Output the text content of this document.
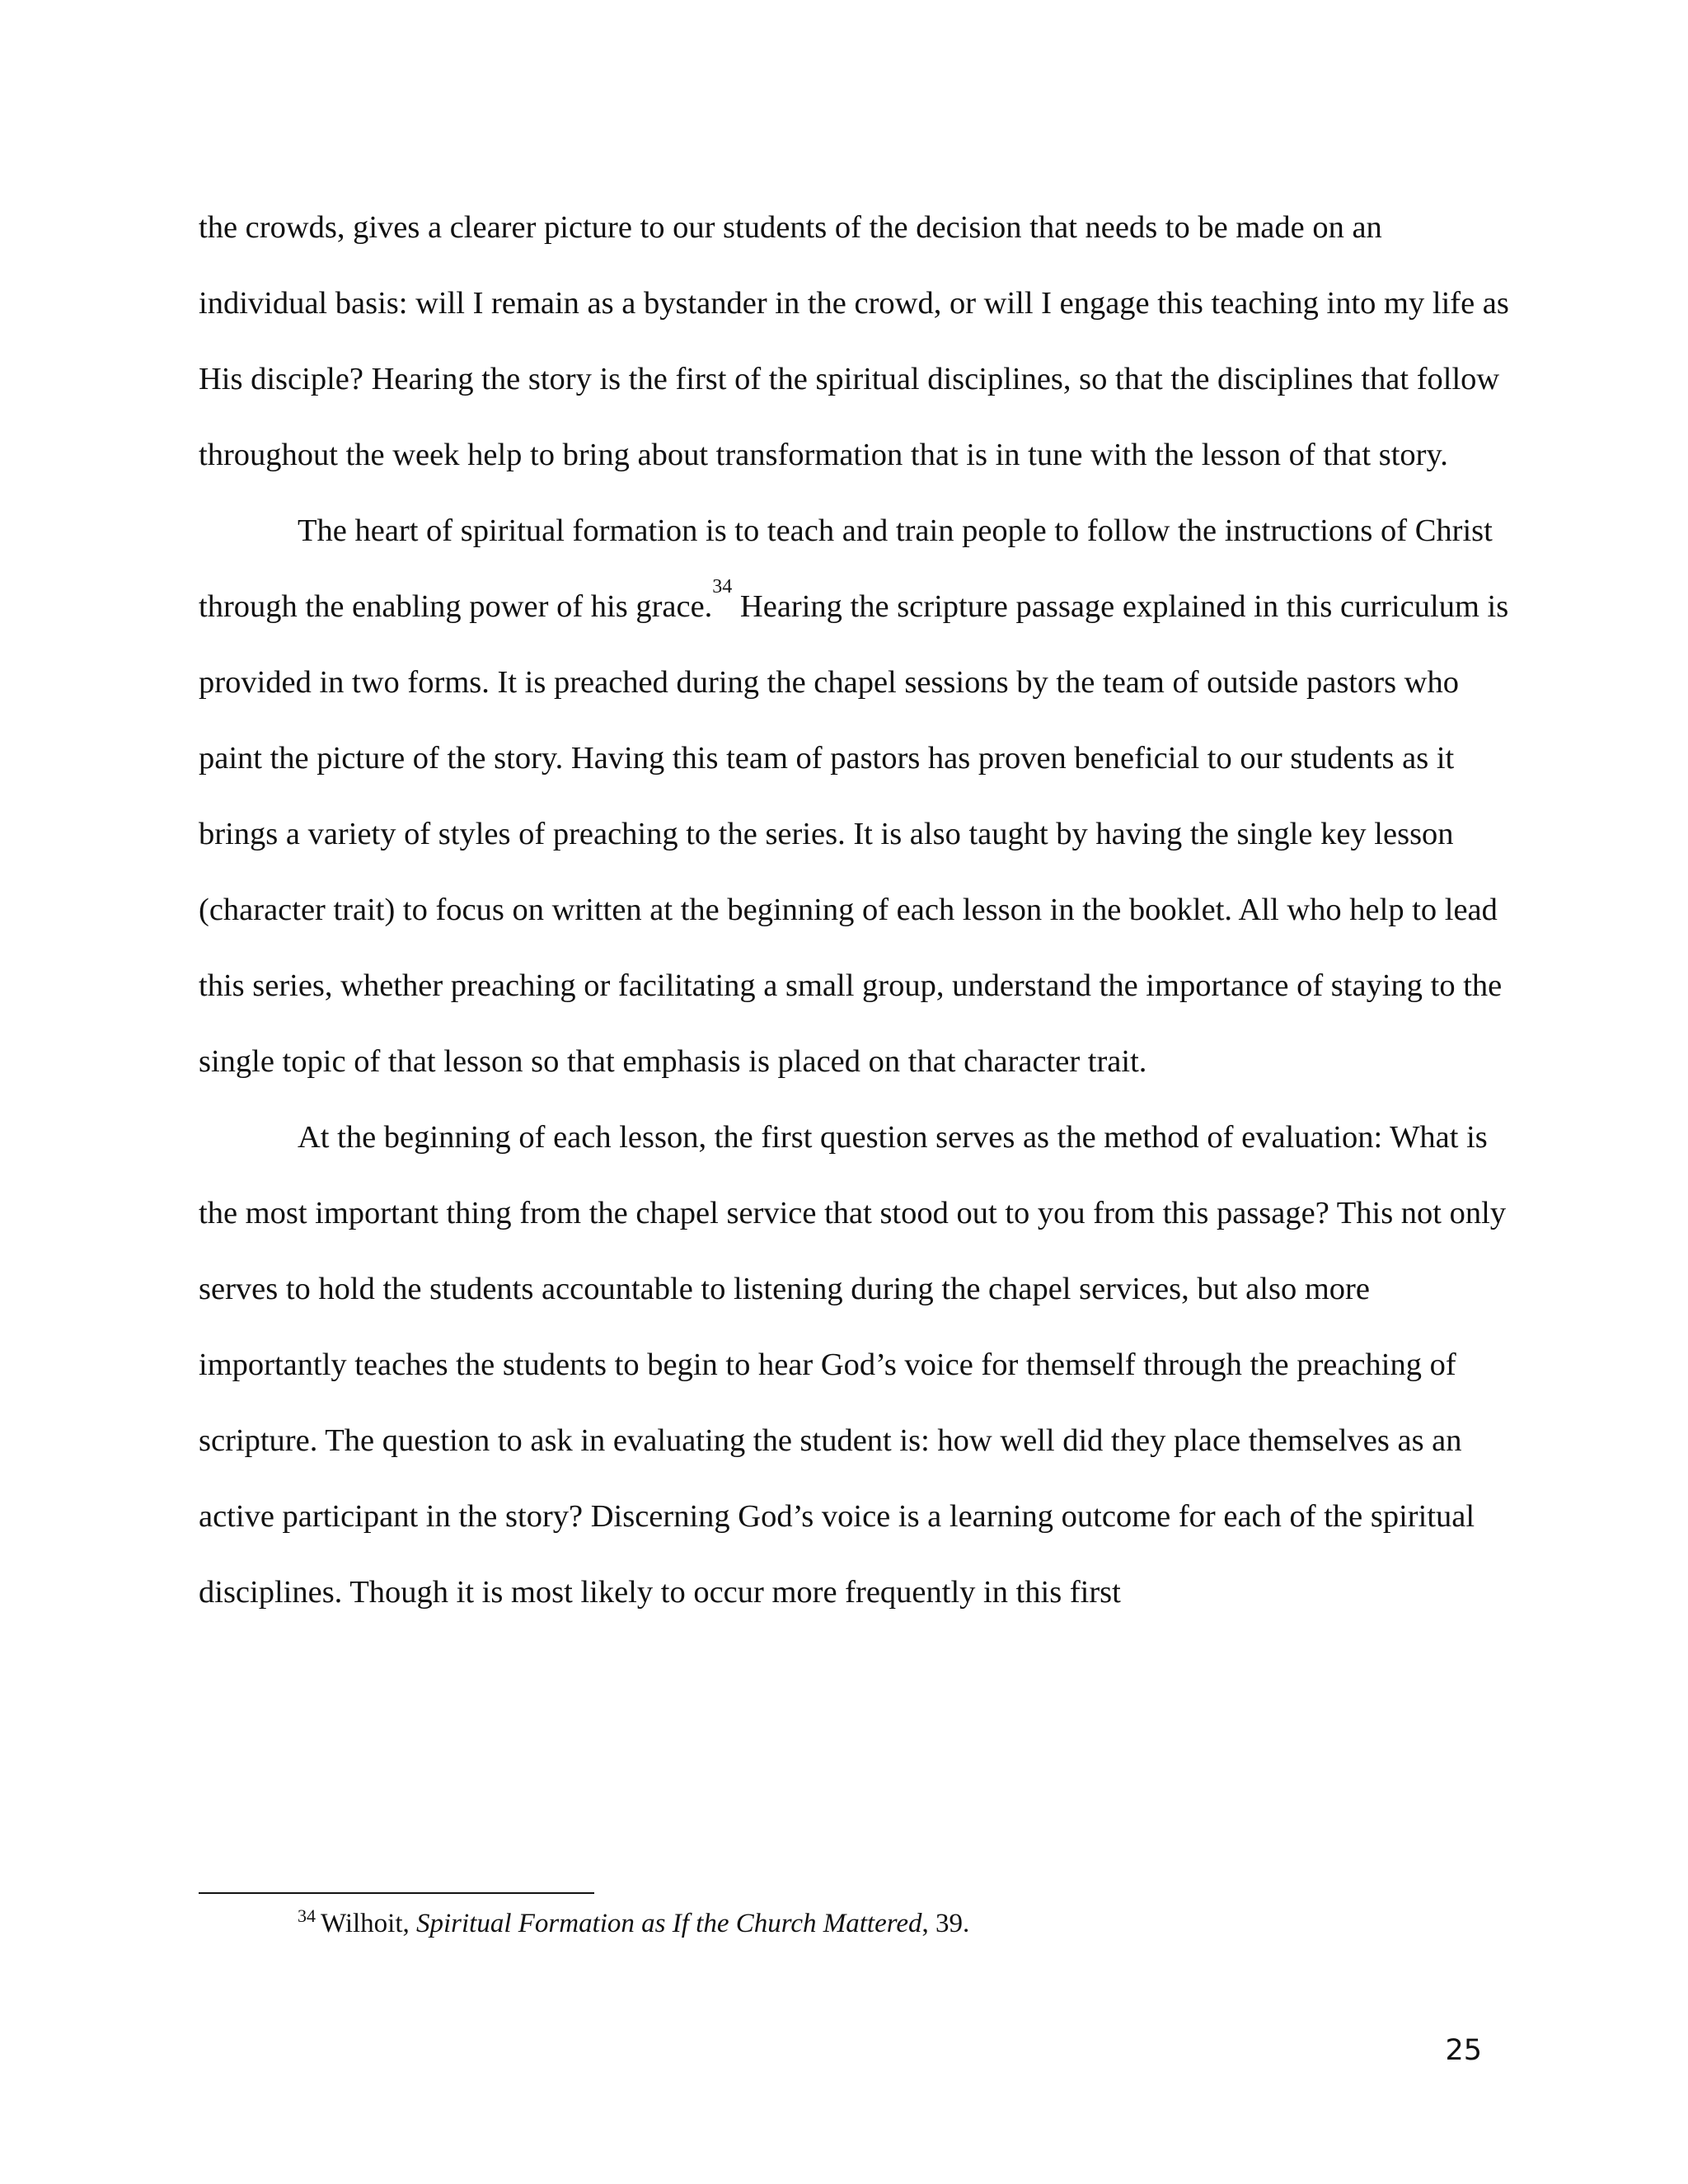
the crowds, gives a clearer picture to our students of the decision that needs to be made on an individual basis: will I remain as a bystander in the crowd, or will I engage this teaching into my life as His disciple? Hearing the story is the first of the spiritual disciplines, so that the disciplines that follow throughout the week help to bring about transformation that is in tune with the lesson of that story.

The heart of spiritual formation is to teach and train people to follow the instructions of Christ through the enabling power of his grace.$^{34}$ Hearing the scripture passage explained in this curriculum is provided in two forms. It is preached during the chapel sessions by the team of outside pastors who paint the picture of the story. Having this team of pastors has proven beneficial to our students as it brings a variety of styles of preaching to the series. It is also taught by having the single key lesson (character trait) to focus on written at the beginning of each lesson in the booklet. All who help to lead this series, whether preaching or facilitating a small group, understand the importance of staying to the single topic of that lesson so that emphasis is placed on that character trait.

At the beginning of each lesson, the first question serves as the method of evaluation: What is the most important thing from the chapel service that stood out to you from this passage? This not only serves to hold the students accountable to listening during the chapel services, but also more importantly teaches the students to begin to hear God’s voice for themself through the preaching of scripture. The question to ask in evaluating the student is: how well did they place themselves as an active participant in the story? Discerning God’s voice is a learning outcome for each of the spiritual disciplines. Though it is most likely to occur more frequently in this first

$^{34}$ Wilhoit, Spiritual Formation as If the Church Mattered, 39.
25
